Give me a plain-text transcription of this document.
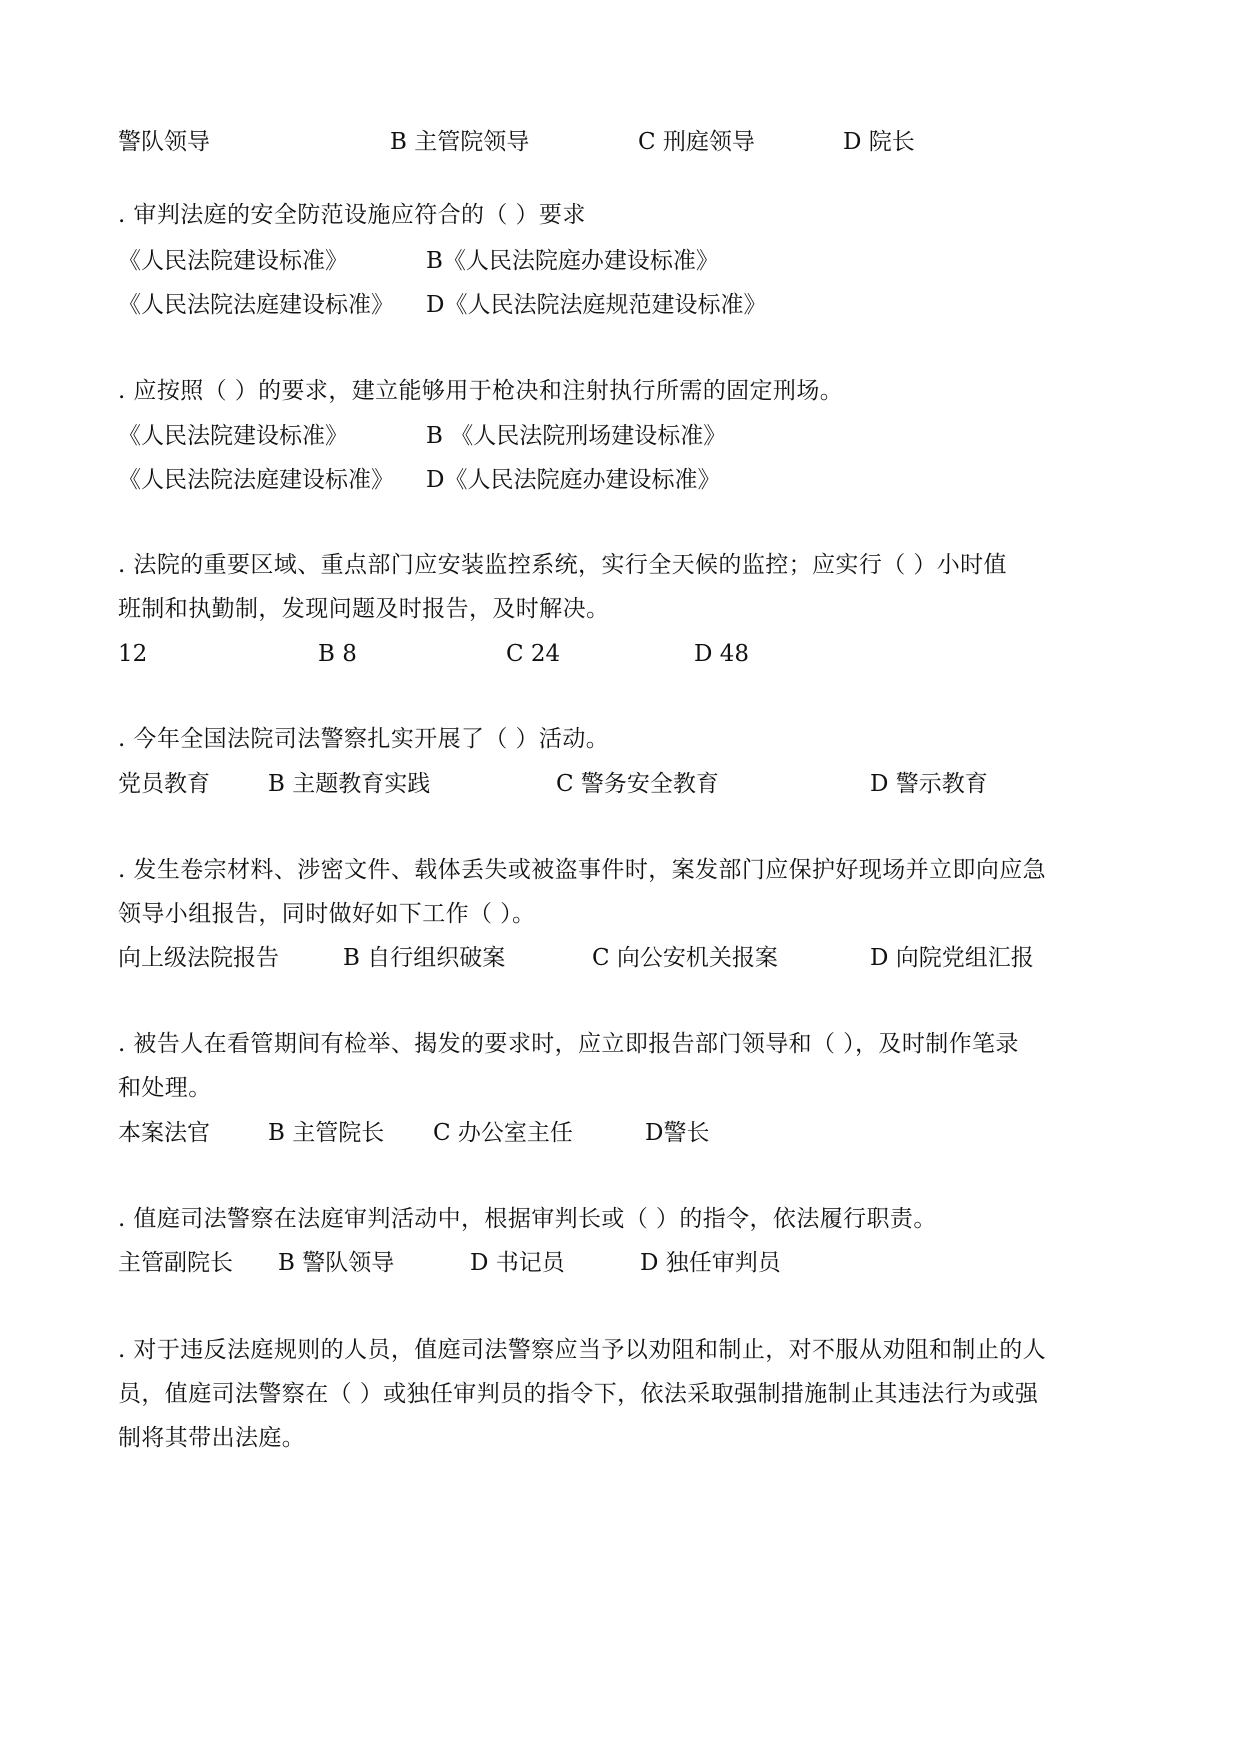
警队领导	B 主管院领导	C 刑庭领导	D 院长
. 审判法庭的安全防范设施应符合的（ ）要求
《人民法院建设标准》	B《人民法院庭办建设标准》
《人民法院法庭建设标准》 D《人民法院法庭规范建设标准》
. 应按照（ ）的要求，建立能够用于枪决和注射执行所需的固定刑场。
《人民法院建设标准》	B 《人民法院刑场建设标准》
《人民法院法庭建设标准》 D《人民法院庭办建设标准》
. 法院的重要区域、重点部门应安装监控系统，实行全天候的监控；应实行（ ）小时值
班制和执勤制，发现问题及时报告，及时解决。
12	B 8	C 24	D 48
. 今年全国法院司法警察扎实开展了（ ）活动。
党员教育	B 主题教育实践	C 警务安全教育	D 警示教育
. 发生卷宗材料、涉密文件、载体丢失或被盗事件时，案发部门应保护好现场并立即向应急
领导小组报告，同时做好如下工作（ ）。
向上级法院报告	B 自行组织破案	C 向公安机关报案	D 向院党组汇报
. 被告人在看管期间有检举、揭发的要求时，应立即报告部门领导和（ ），及时制作笔录
和处理。
本案法官	B 主管院长 C 办公室主任	D警长
. 值庭司法警察在法庭审判活动中，根据审判长或（ ）的指令，依法履行职责。
主管副院长 B 警队领导	D 书记员	D 独任审判员
. 对于违反法庭规则的人员，值庭司法警察应当予以劝阻和制止，对不服从劝阻和制止的人
员，值庭司法警察在（ ）或独任审判员的指令下，依法采取强制措施制止其违法行为或强
制将其带出法庭。
